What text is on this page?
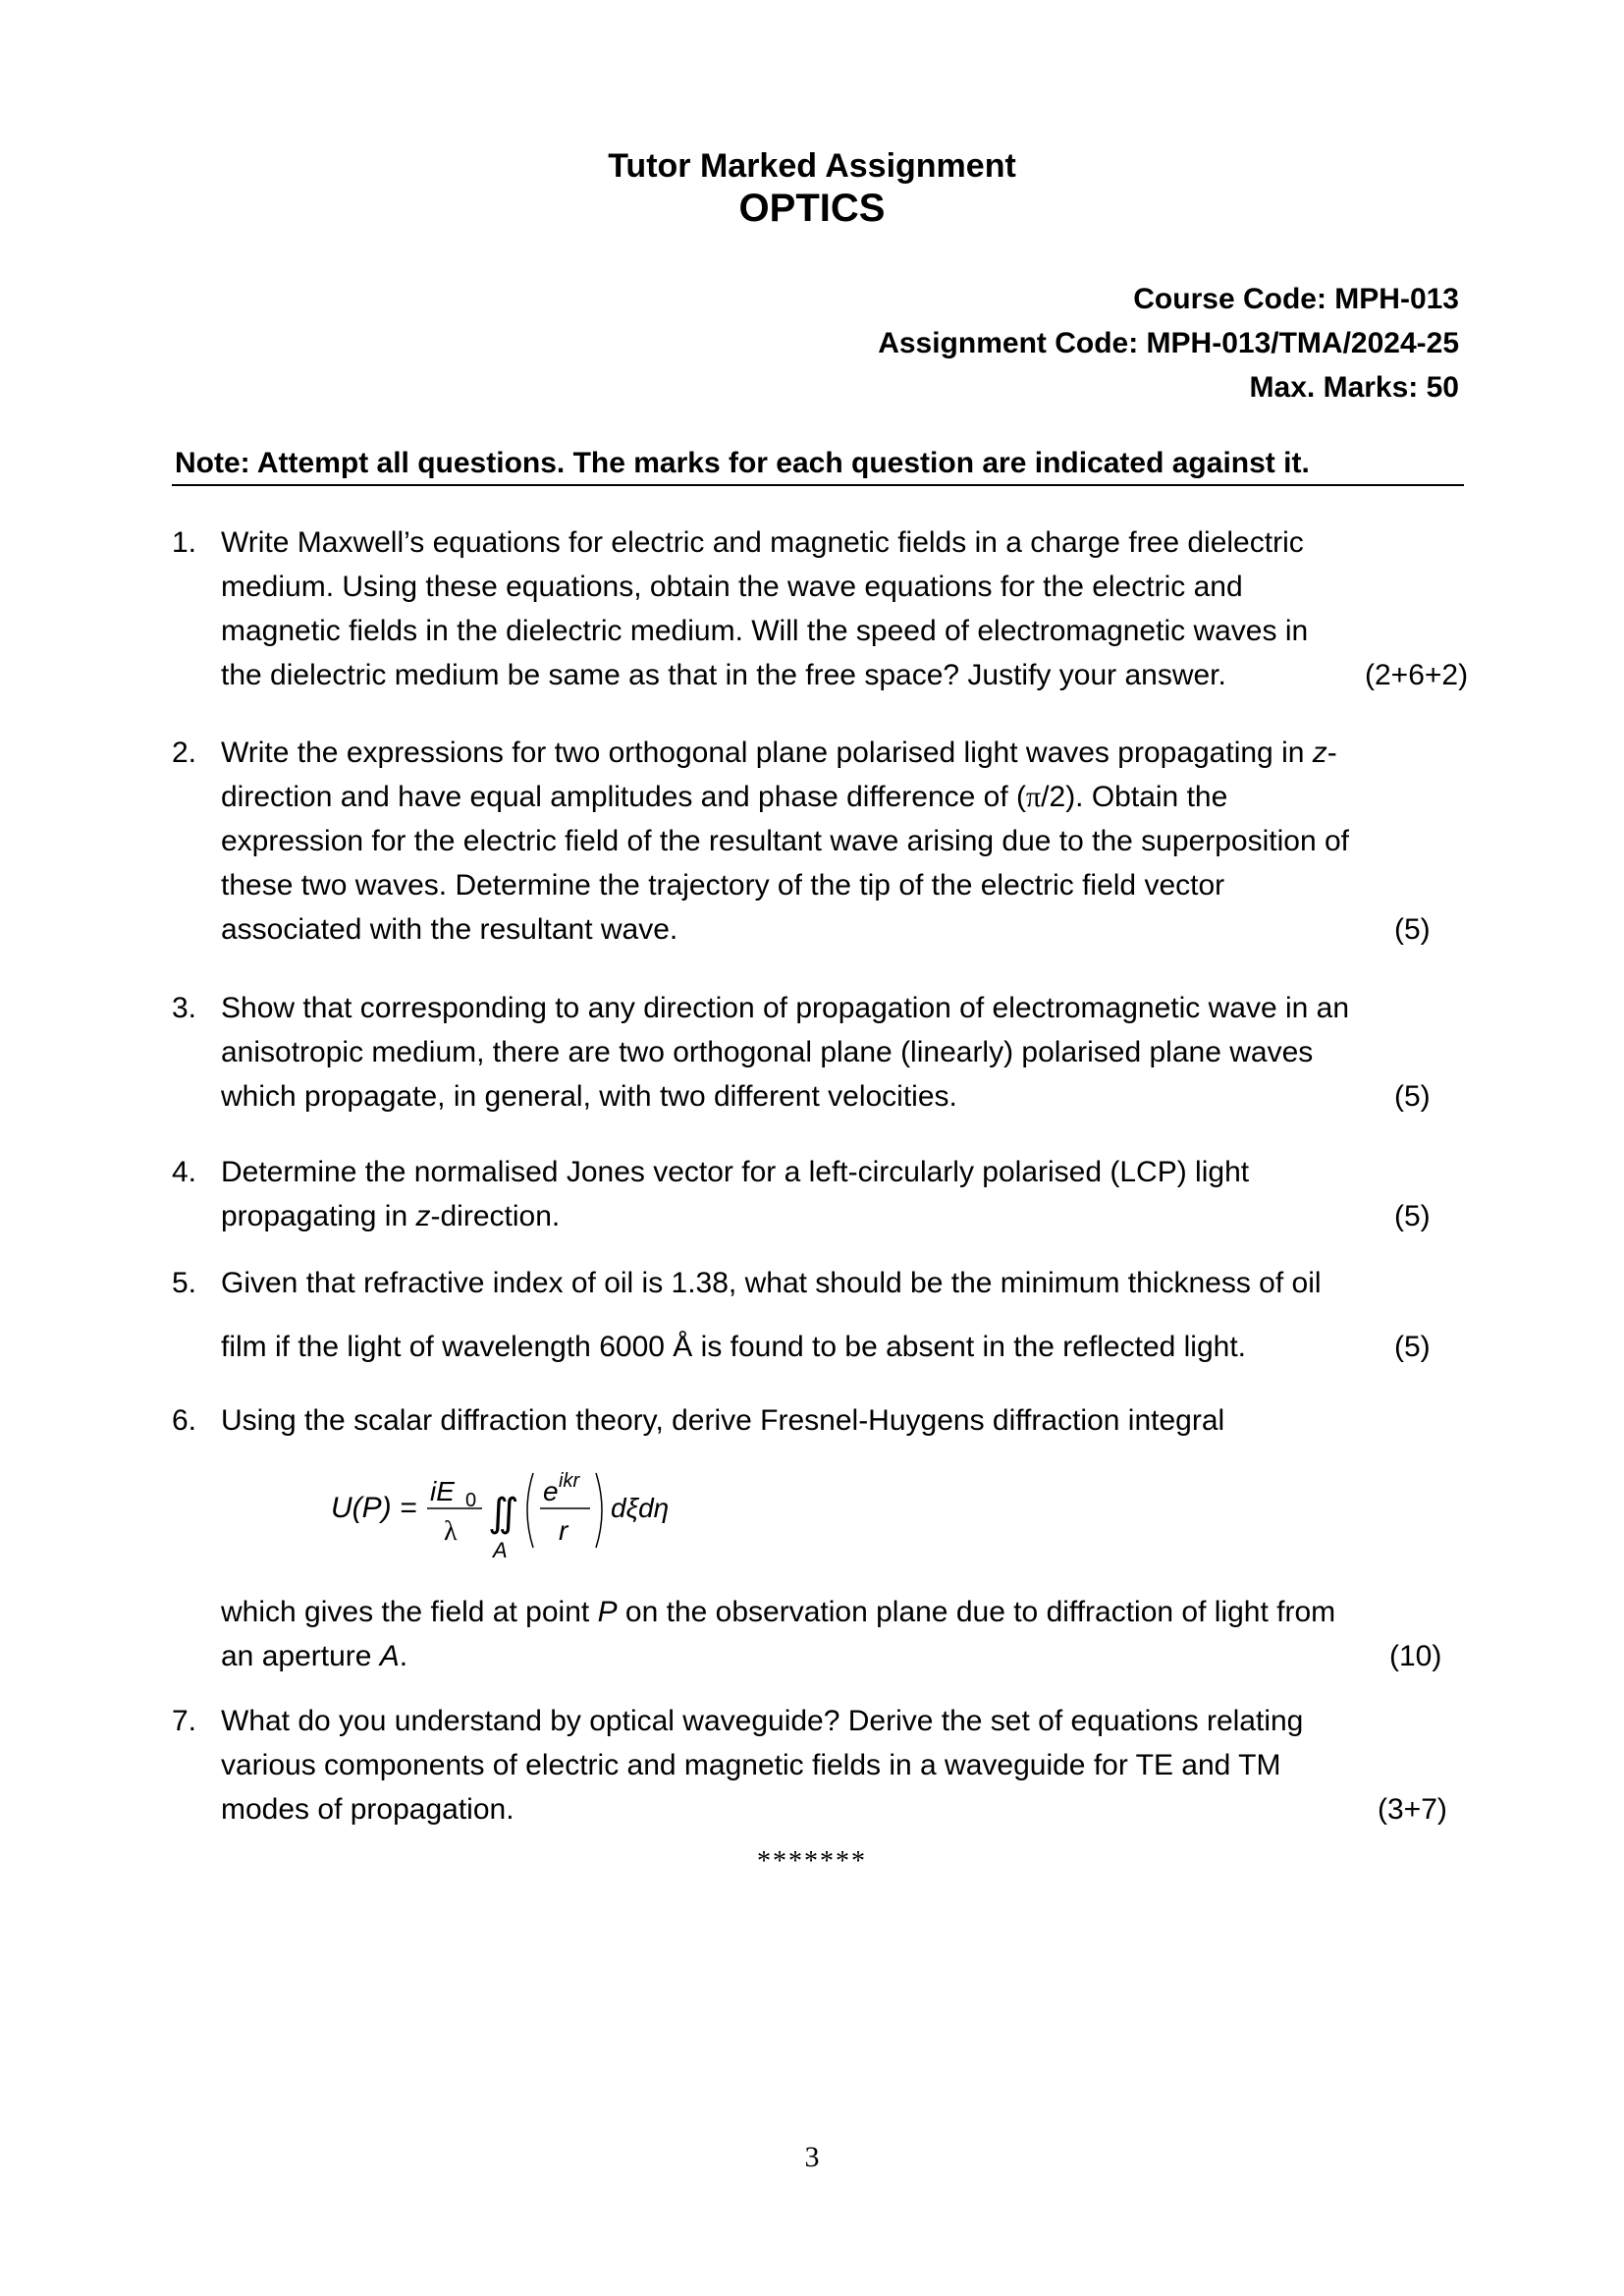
Tutor Marked Assignment
OPTICS
Course Code: MPH-013
Assignment Code: MPH-013/TMA/2024-25
Max. Marks: 50
Note: Attempt all questions. The marks for each question are indicated against it.
1. Write Maxwell’s equations for electric and magnetic fields in a charge free dielectric
medium. Using these equations, obtain the wave equations for the electric and
magnetic fields in the dielectric medium. Will the speed of electromagnetic waves in
the dielectric medium be same as that in the free space? Justify your answer.	(2+6+2)
2. Write the expressions for two orthogonal plane polarised light waves propagating in z-
direction and have equal amplitudes and phase difference of (π/2). Obtain the
expression for the electric field of the resultant wave arising due to the superposition of
these two waves. Determine the trajectory of the tip of the electric field vector
associated with the resultant wave.	(5)
3. Show that corresponding to any direction of propagation of electromagnetic wave in an
anisotropic medium, there are two orthogonal plane (linearly) polarised plane waves
which propagate, in general, with two different velocities.	(5)
4. Determine the normalised Jones vector for a left-circularly polarised (LCP) light
propagating in z-direction.	(5)
5. Given that refractive index of oil is 1.38, what should be the minimum thickness of oil
film if the light of wavelength 6000 Å is found to be absent in the reflected light.	(5)
6. Using the scalar diffraction theory, derive Fresnel-Huygens diffraction integral
which gives the field at point P on the observation plane due to diffraction of light from
an aperture A.	(10)
U(P) =
iE 0
λ ∬
A
e ikr
r
dξdη
7. What do you understand by optical waveguide? Derive the set of equations relating
various components of electric and magnetic fields in a waveguide for TE and TM
modes of propagation.	(3+7)
*******
3
